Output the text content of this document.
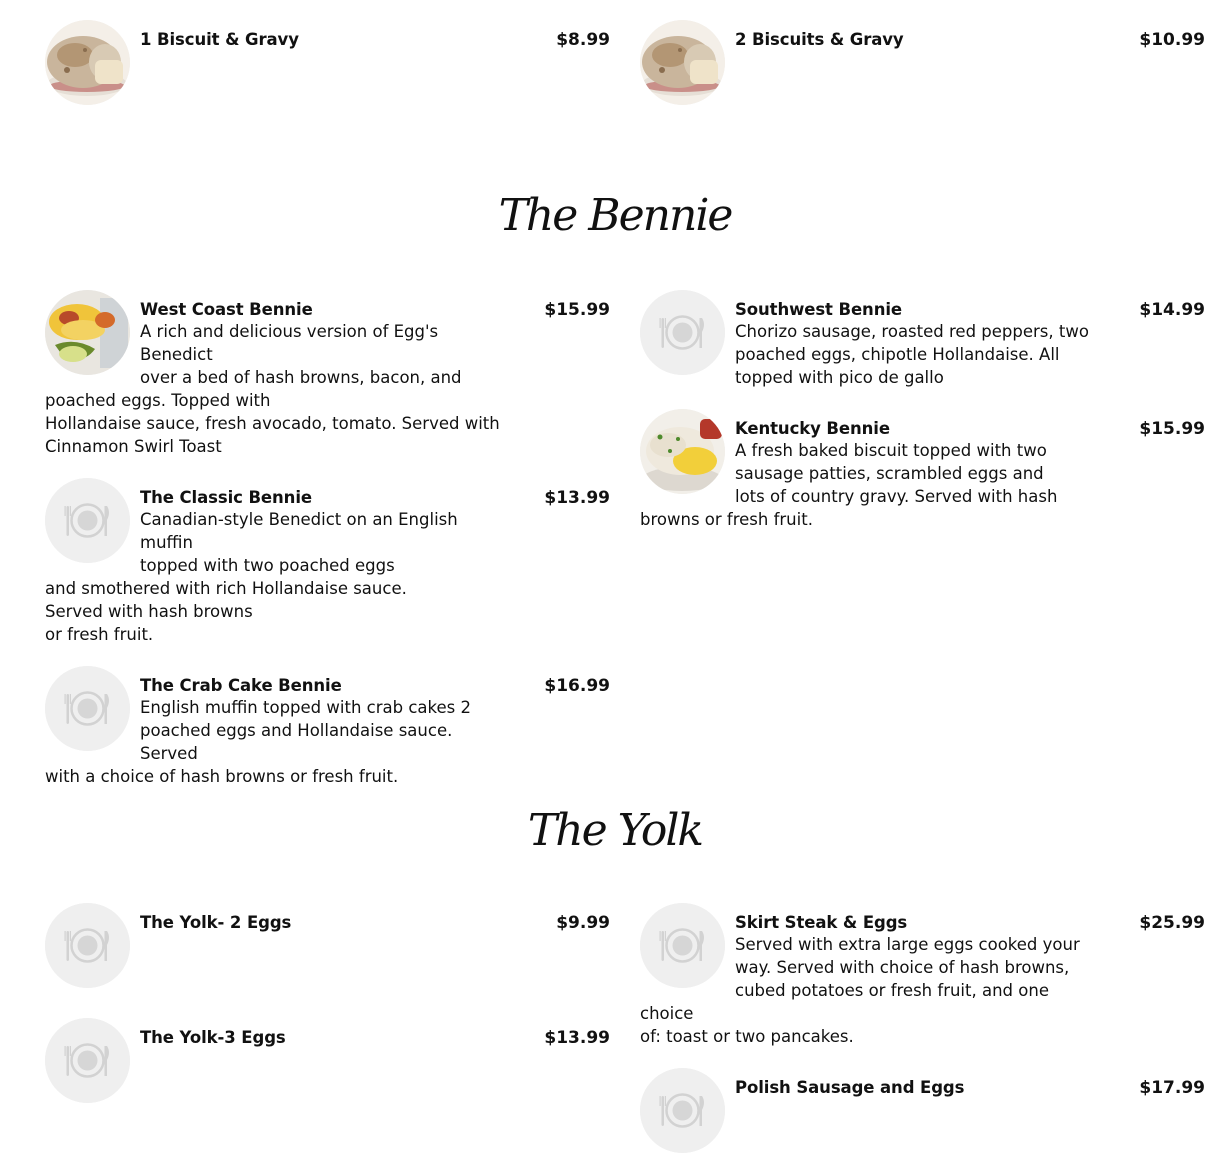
1 Biscuit & Gravy	$8.99	2 Biscuits & Gravy	$10.99
The Bennie
West Coast Bennie	$15.99
A rich and delicious version of Egg's Benedict
over a bed of hash browns, bacon, and
poached eggs. Topped with
Hollandaise sauce, fresh avocado, tomato. Served with
Cinnamon Swirl Toast
The Classic Bennie	$13.99
Canadian-style Benedict on an English muffin
topped with two poached eggs
and smothered with rich Hollandaise sauce.
Served with hash browns
or fresh fruit.
The Crab Cake Bennie	$16.99
English muffin topped with crab cakes 2
poached eggs and Hollandaise sauce. Served
with a choice of hash browns or fresh fruit.
Southwest Bennie	$14.99
Chorizo sausage, roasted red peppers, two
poached eggs, chipotle Hollandaise. All
topped with pico de gallo
Kentucky Bennie	$15.99
A fresh baked biscuit topped with two
sausage patties, scrambled eggs and
lots of country gravy. Served with hash
browns or fresh fruit.
The Yolk
The Yolk- 2 Eggs	$9.99
The Yolk-3 Eggs	$13.99
Skirt Steak & Eggs	$25.99
Served with extra large eggs cooked your
way. Served with choice of hash browns,
cubed potatoes or fresh fruit, and one choice
of: toast or two pancakes.
Polish Sausage and Eggs	$17.99
